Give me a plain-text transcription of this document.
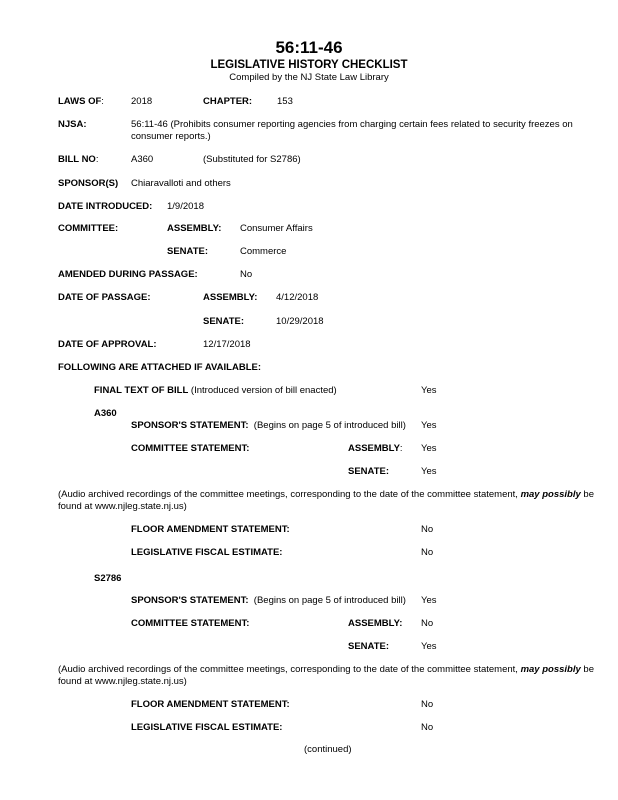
56:11-46
LEGISLATIVE HISTORY CHECKLIST
Compiled by the NJ State Law Library
LAWS OF:	2018	CHAPTER:	153
NJSA:	56:11-46 (Prohibits consumer reporting agencies from charging certain fees related to security freezes on consumer reports.)
BILL NO:	A360	(Substituted for S2786)
SPONSOR(S) Chiaravalloti and others
DATE INTRODUCED: 1/9/2018
COMMITTEE:	ASSEMBLY: Consumer Affairs
SENATE:	Commerce
AMENDED DURING PASSAGE:	No
DATE OF PASSAGE:	ASSEMBLY: 4/12/2018
SENATE:	10/29/2018
DATE OF APPROVAL:	12/17/2018
FOLLOWING ARE ATTACHED IF AVAILABLE:
FINAL TEXT OF BILL (Introduced version of bill enacted)	Yes
A360
SPONSOR'S STATEMENT: (Begins on page 5 of introduced bill) Yes
COMMITTEE STATEMENT:	ASSEMBLY: Yes
SENATE:	Yes
(Audio archived recordings of the committee meetings, corresponding to the date of the committee statement, may possibly be found at www.njleg.state.nj.us)
FLOOR AMENDMENT STATEMENT:	No
LEGISLATIVE FISCAL ESTIMATE:	No
S2786
SPONSOR'S STATEMENT: (Begins on page 5 of introduced bill) Yes
COMMITTEE STATEMENT:	ASSEMBLY: No
SENATE:	Yes
(Audio archived recordings of the committee meetings, corresponding to the date of the committee statement, may possibly be found at www.njleg.state.nj.us)
FLOOR AMENDMENT STATEMENT:	No
LEGISLATIVE FISCAL ESTIMATE:	No
(continued)
